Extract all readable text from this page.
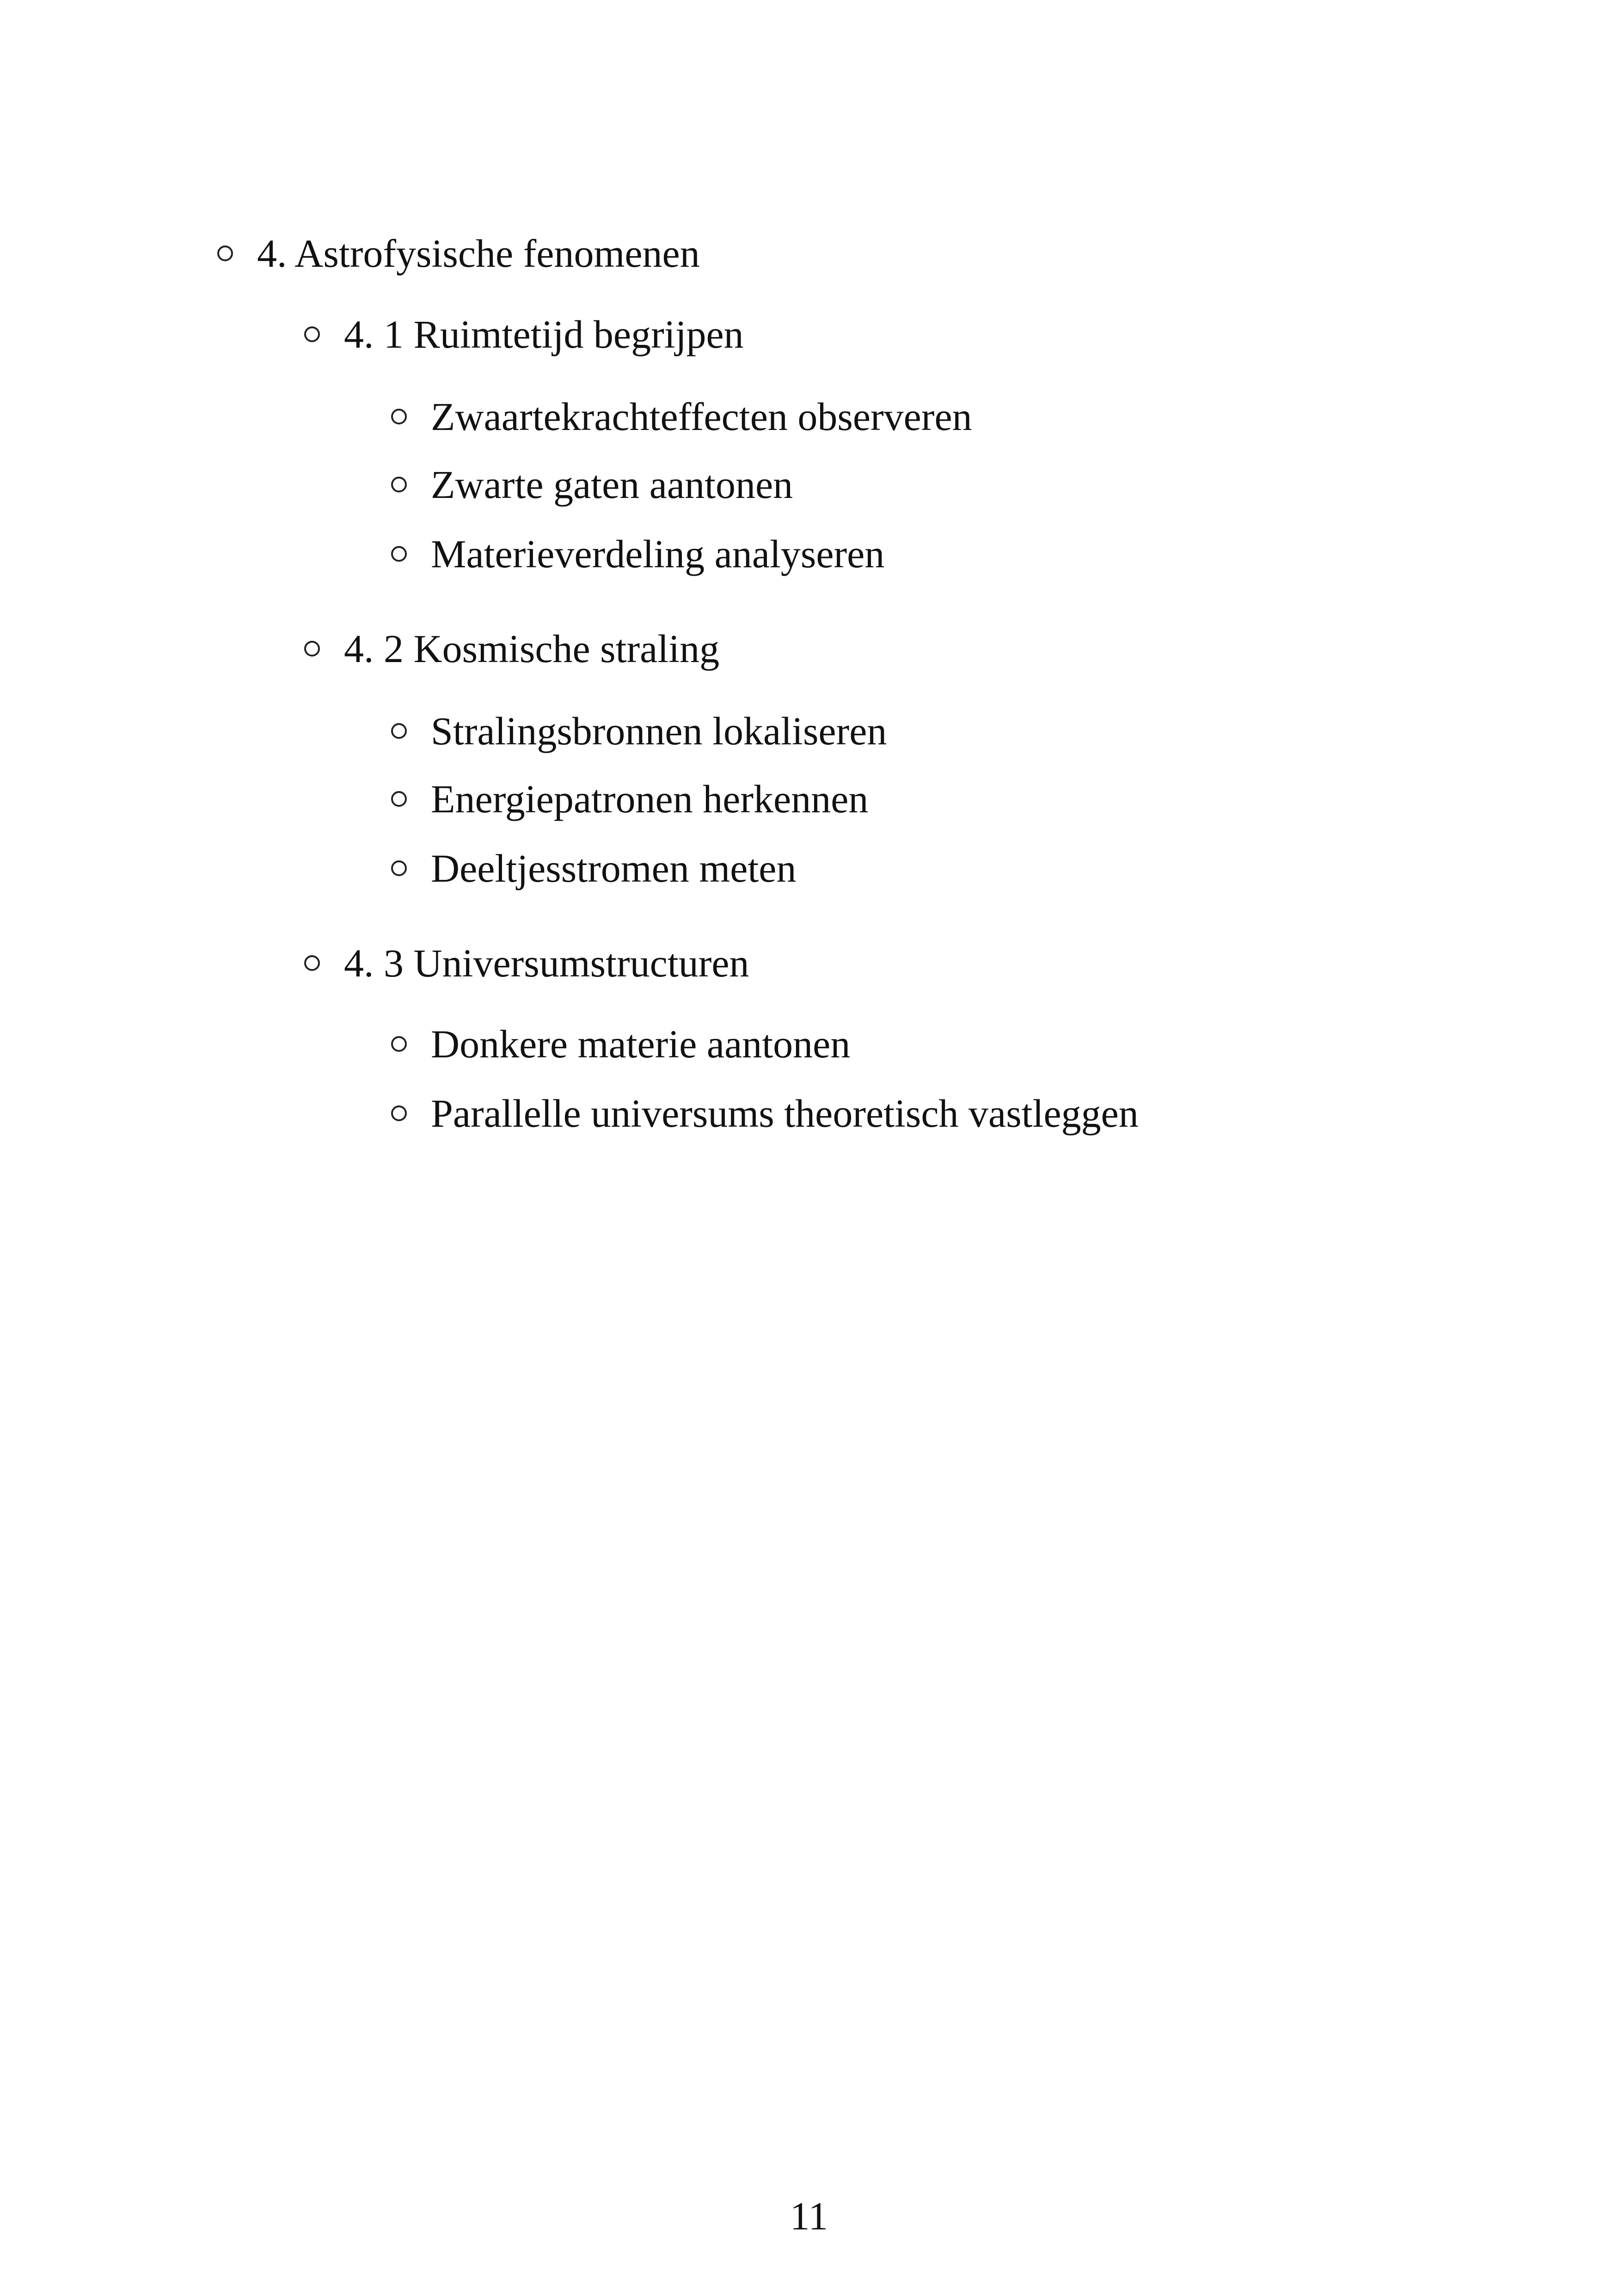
4. Astrofysische fenomenen
4. 1 Ruimtetijd begrijpen
Zwaartekrachteffecten observeren
Zwarte gaten aantonen
Materieverdeling analyseren
4. 2 Kosmische straling
Stralingsbronnen lokaliseren
Energiepatronen herkennen
Deeltjesstromen meten
4. 3 Universumstructuren
Donkere materie aantonen
Parallelle universums theoretisch vastleggen
11
